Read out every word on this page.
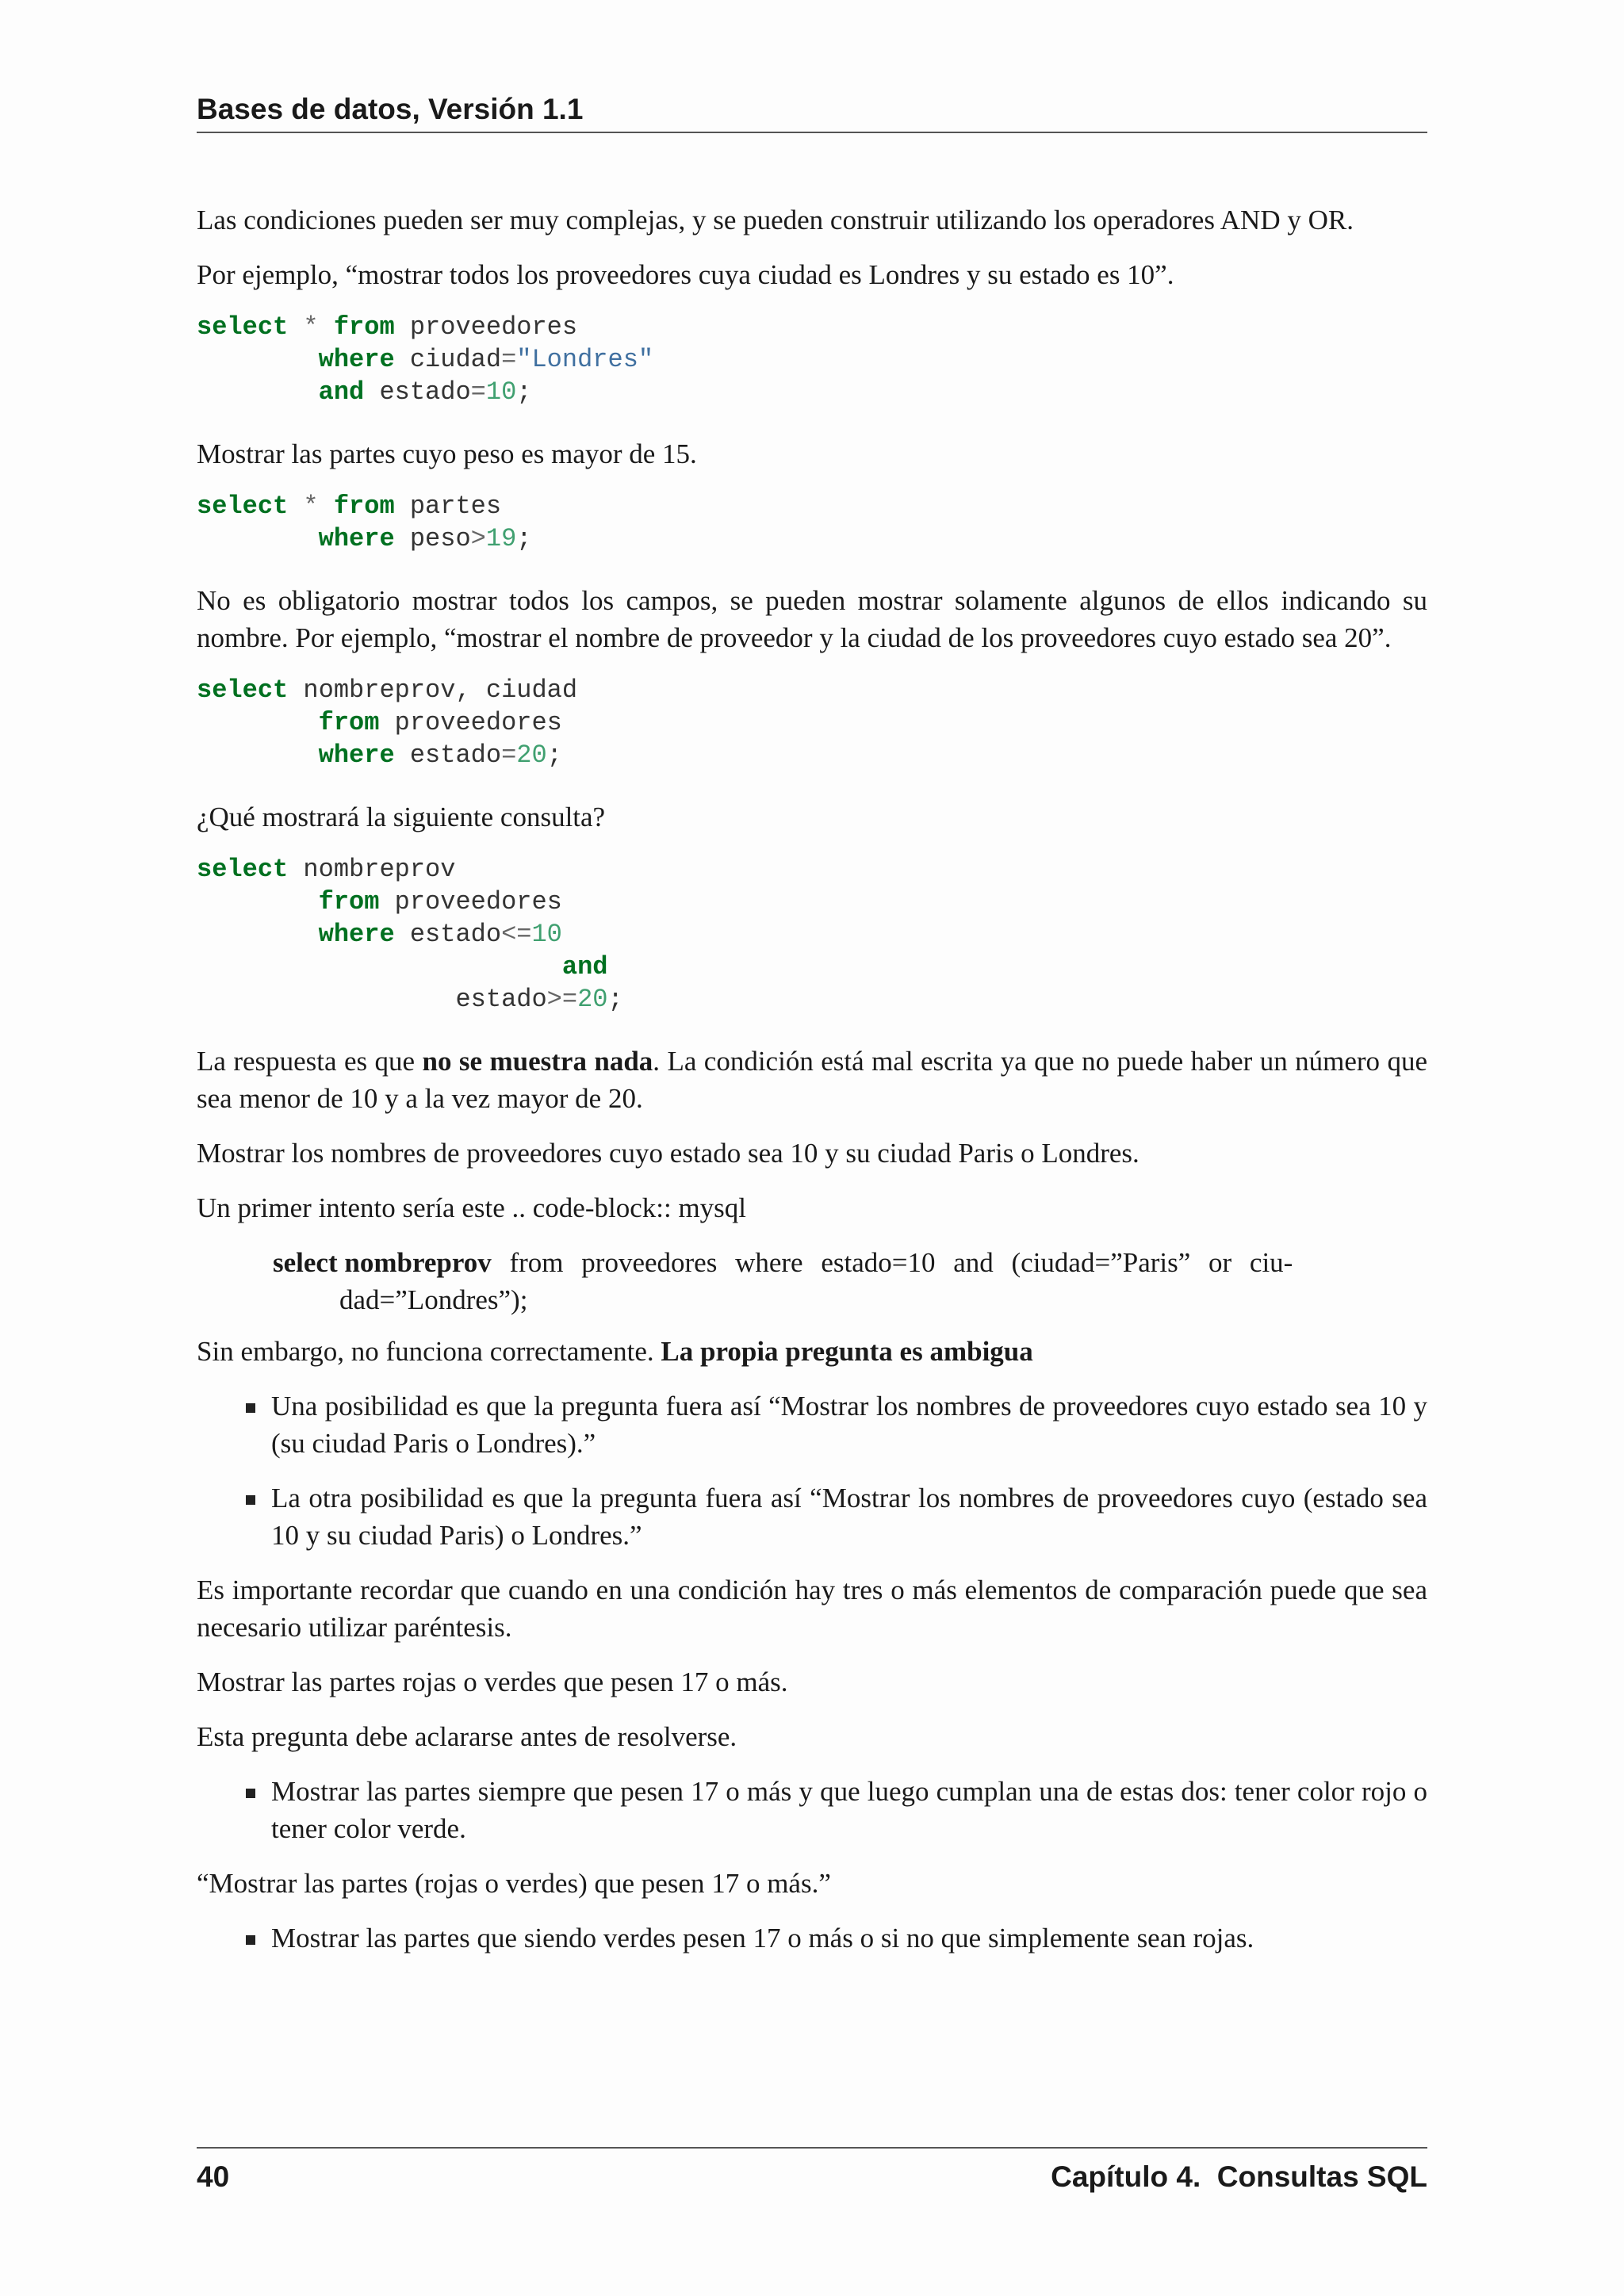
Bases de datos, Versión 1.1

Las condiciones pueden ser muy complejas, y se pueden construir utilizando los operadores AND y OR.

Por ejemplo, “mostrar todos los proveedores cuya ciudad es Londres y su estado es 10”.

select * from proveedores
where ciudad="Londres"
and estado=10;

Mostrar las partes cuyo peso es mayor de 15.

select * from partes
where peso>19;

No es obligatorio mostrar todos los campos, se pueden mostrar solamente algunos de ellos indicando su nombre. Por ejemplo, “mostrar el nombre de proveedor y la ciudad de los proveedores cuyo estado sea 20”.

select nombreprov, ciudad
from proveedores
where estado=20;

¿Qué mostrará la siguiente consulta?

select nombreprov
from proveedores
where estado<=10
and
estado>=20;

La respuesta es que no se muestra nada. La condición está mal escrita ya que no puede haber un número que sea menor de 10 y a la vez mayor de 20.

Mostrar los nombres de proveedores cuyo estado sea 10 y su ciudad Paris o Londres.

Un primer intento sería este .. code-block:: mysql

select nombreprov from proveedores where estado=10 and (ciudad=”Paris” or ciu-
dad=”Londres”);

Sin embargo, no funciona correctamente. La propia pregunta es ambigua

Una posibilidad es que la pregunta fuera así “Mostrar los nombres de proveedores cuyo estado sea 10 y (su ciudad Paris o Londres).”
La otra posibilidad es que la pregunta fuera así “Mostrar los nombres de proveedores cuyo (estado sea 10 y su ciudad Paris) o Londres.”

Es importante recordar que cuando en una condición hay tres o más elementos de comparación puede que sea necesario utilizar paréntesis.

Mostrar las partes rojas o verdes que pesen 17 o más.

Esta pregunta debe aclararse antes de resolverse.

Mostrar las partes siempre que pesen 17 o más y que luego cumplan una de estas dos: tener color rojo o tener color verde.

“Mostrar las partes (rojas o verdes) que pesen 17 o más.”

Mostrar las partes que siendo verdes pesen 17 o más o si no que simplemente sean rojas.
40	Capítulo 4.  Consultas SQL
